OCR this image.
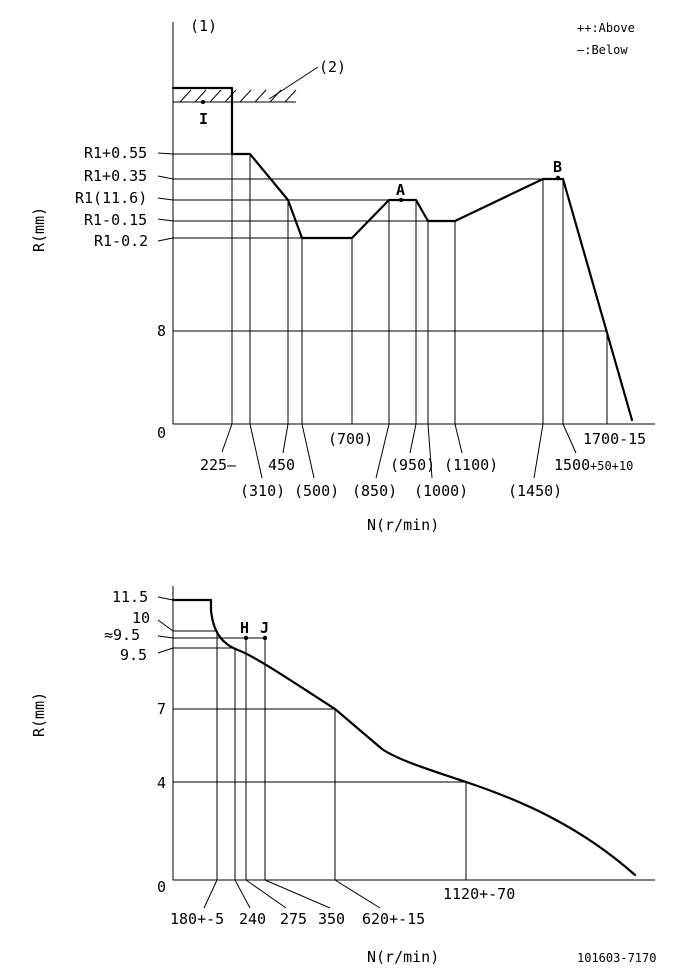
(1)
(2)
++:Above
—:Below
I
A
B
R1+0.55
R1+0.35
R1(11.6)
R1-0.15
R1-0.2
8
0
R(mm)
225—
(310)
450
(500)
(700)
(850)
(950)
(1000)
(1100)
(1450)
1500 +50+10
1700-15
N(r/min)
H J
11.5
10
≈9.5
9.5
7
4
0
R(mm)
180+-5 240 275 350 620+-15
1120+-70
N(r/min)	101603-7170
